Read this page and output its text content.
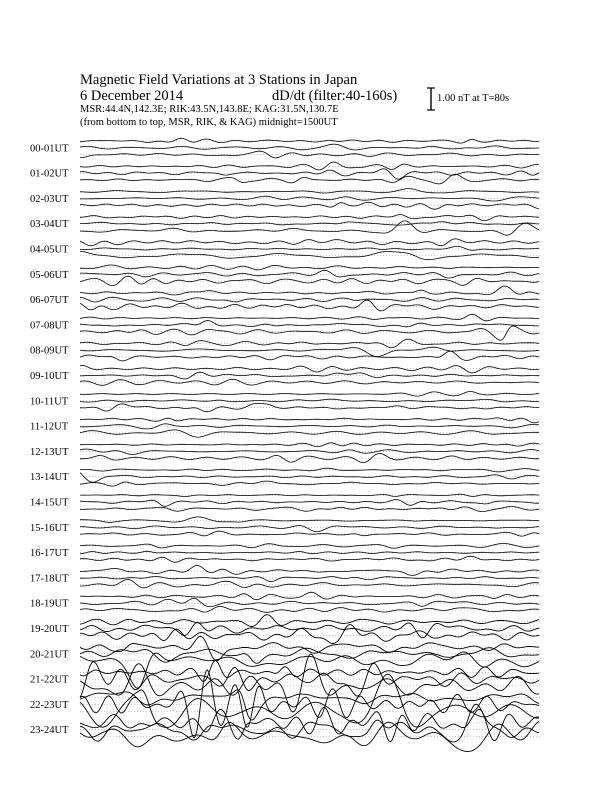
Magnetic Field Variations at 3 Stations in Japan
6 December 2014	dD/dt (filter:40-160s)
MSR:44.4N,142.3E; RIK:43.5N,143.8E; KAG:31.5N,130.7E
(from bottom to top, MSR, RIK, & KAG) midnight=1500UT
1.00 nT at T=80s
00-01UT
01-02UT
02-03UT
03-04UT
04-05UT
05-06UT
06-07UT
07-08UT
08-09UT
09-10UT
10-11UT
11-12UT
12-13UT
13-14UT
14-15UT
15-16UT
16-17UT
17-18UT
18-19UT
19-20UT
20-21UT
21-22UT
22-23UT
23-24UT
